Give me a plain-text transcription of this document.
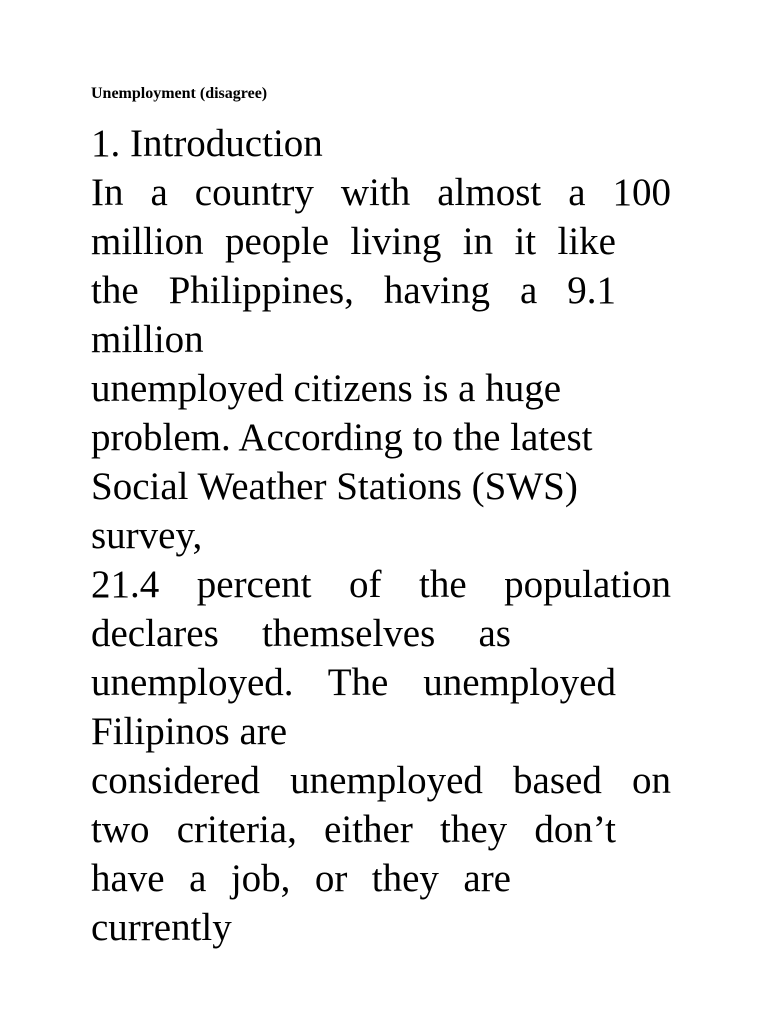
Unemployment (disagree)
1. Introduction
In a country with almost a 100
million people living in it like
the Philippines, having a 9.1
million
unemployed citizens is a huge
problem. According to the latest
Social Weather Stations (SWS)
survey,
21.4 percent of the population
declares themselves as
unemployed. The unemployed
Filipinos are
considered unemployed based on
two criteria, either they don’t
have a job, or they are
currently
